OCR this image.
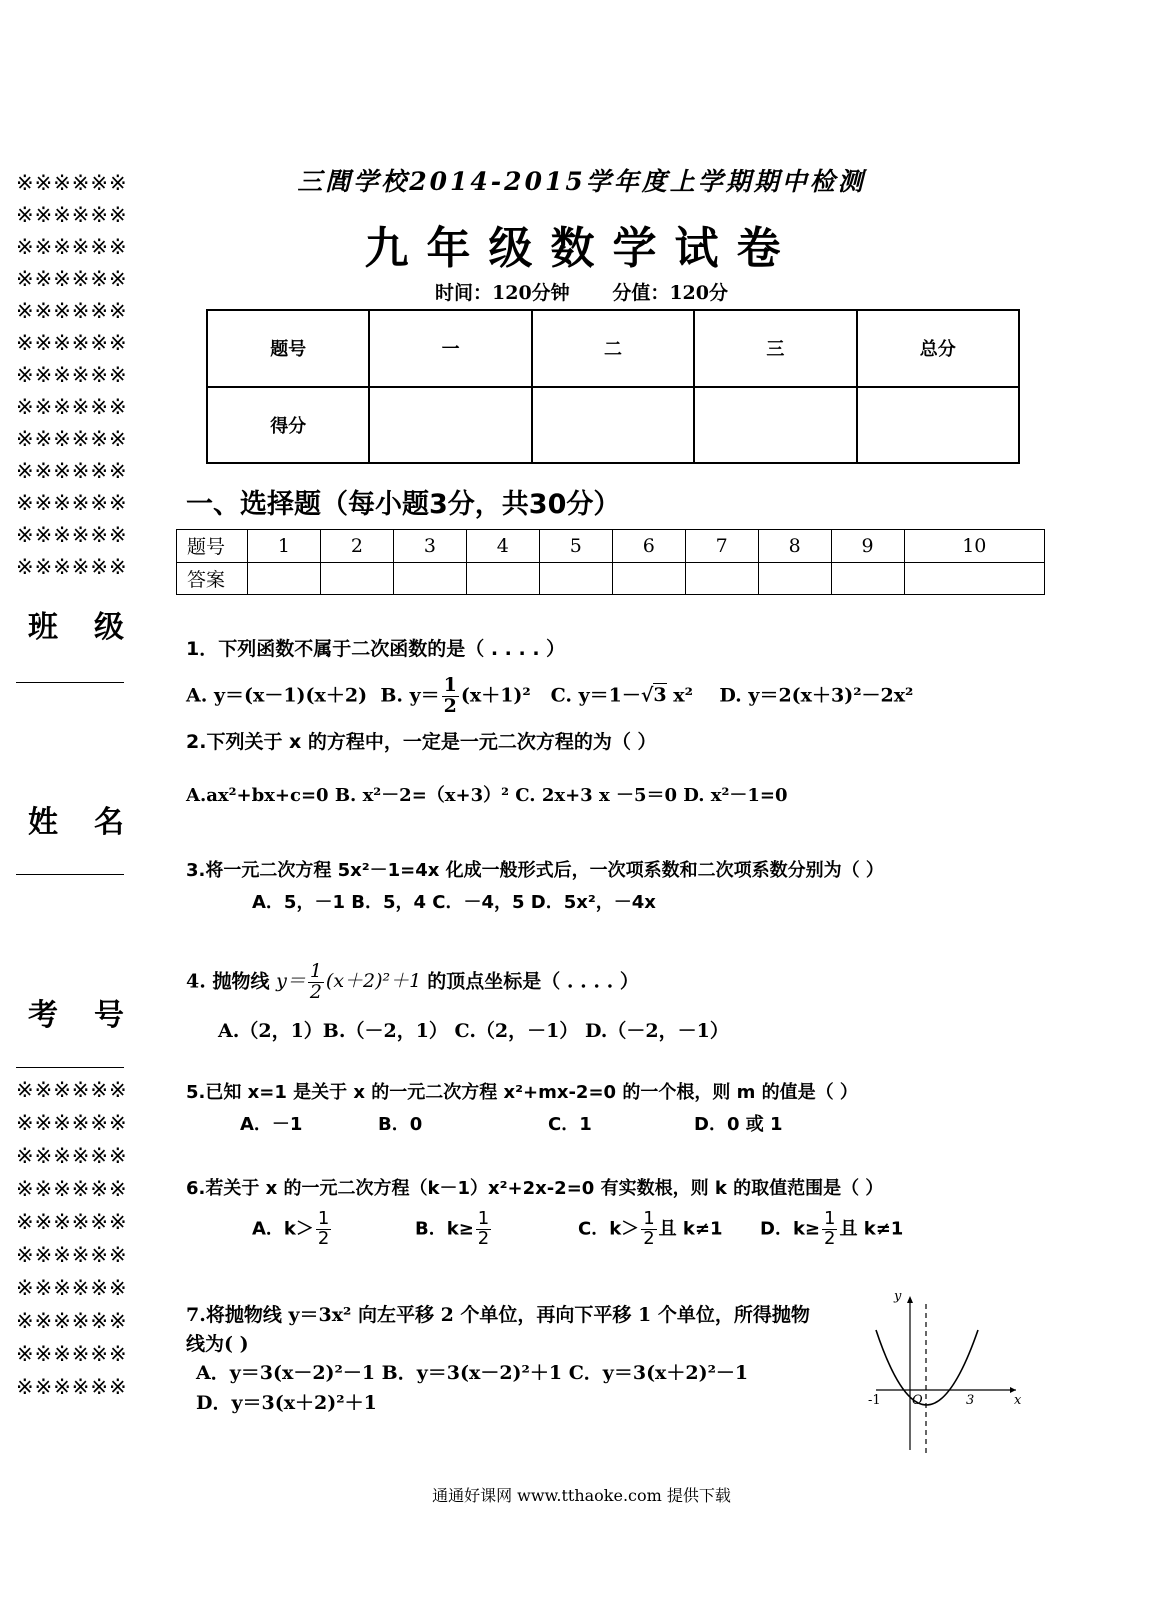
※※※※※※
※※※※※※
※※※※※※
※※※※※※
※※※※※※
※※※※※※
※※※※※※
※※※※※※
※※※※※※
※※※※※※
※※※※※※
※※※※※※
※※※※※※
班级
姓名
考号
※※※※※※
※※※※※※
※※※※※※
※※※※※※
※※※※※※
※※※※※※
※※※※※※
※※※※※※
※※※※※※
※※※※※※
三閭学校2014-2015学年度上学期期中检测
九年级数学试卷
时间：120分钟 分值：120分
题号	一	二	三	总分
得分				
一、选择题（每小题3分，共30分）
题号	1	2	3	4	5	6	7	8	9	10
答案										
1．下列函数不属于二次函数的是（ . . . . ）
A. y＝(x－1)(x＋2) B. $y= \frac{1}{2} (x+1)^2$ C. y＝1－√3 x² D. y＝2(x＋3)²－2x²
2.下列关于 x 的方程中，一定是一元二次方程的为（ ）
A.ax²+bx+c=0 B. x²－2=（x+3）² C. 2x+3 x －5＝0 D. x²－1=0
3.将一元二次方程 5x²－1=4x 化成一般形式后，一次项系数和二次项系数分别为（ ）
A．5，－1 B．5，4 C．－4，5 D．5x²，－4x
4. 抛物线 $y= \frac{1}{2} (x+2)^2+1$ 的顶点坐标是（ . . . . ）
A.（2，1）B.（－2，1） C.（2，－1） D.（－2，－1）
5.已知 x=1 是关于 x 的一元二次方程 x²+mx-2=0 的一个根，则 m 的值是（ ）
A．－1	B．0	C．1	D．0 或 1
6.若关于 x 的一元二次方程（k－1）x²+2x-2=0 有实数根，则 k 的取值范围是（ ）
A．$k> \frac{1}{2}$	B．$k\ge \frac{1}{2}$	C．$k> \frac{1}{2}$ 且 k≠1 D．$k\ge \frac{1}{2}$ 且 k≠1
7.将抛物线 y＝3x² 向左平移 2 个单位，再向下平移 1 个单位，所得抛物
线为( )
A．y＝3(x－2)²－1 B．y＝3(x－2)²＋1 C．y＝3(x＋2)²－1
D．y＝3(x＋2)²＋1
y
x
O
-1	3
通通好课网 www.tthaoke.com 提供下载
